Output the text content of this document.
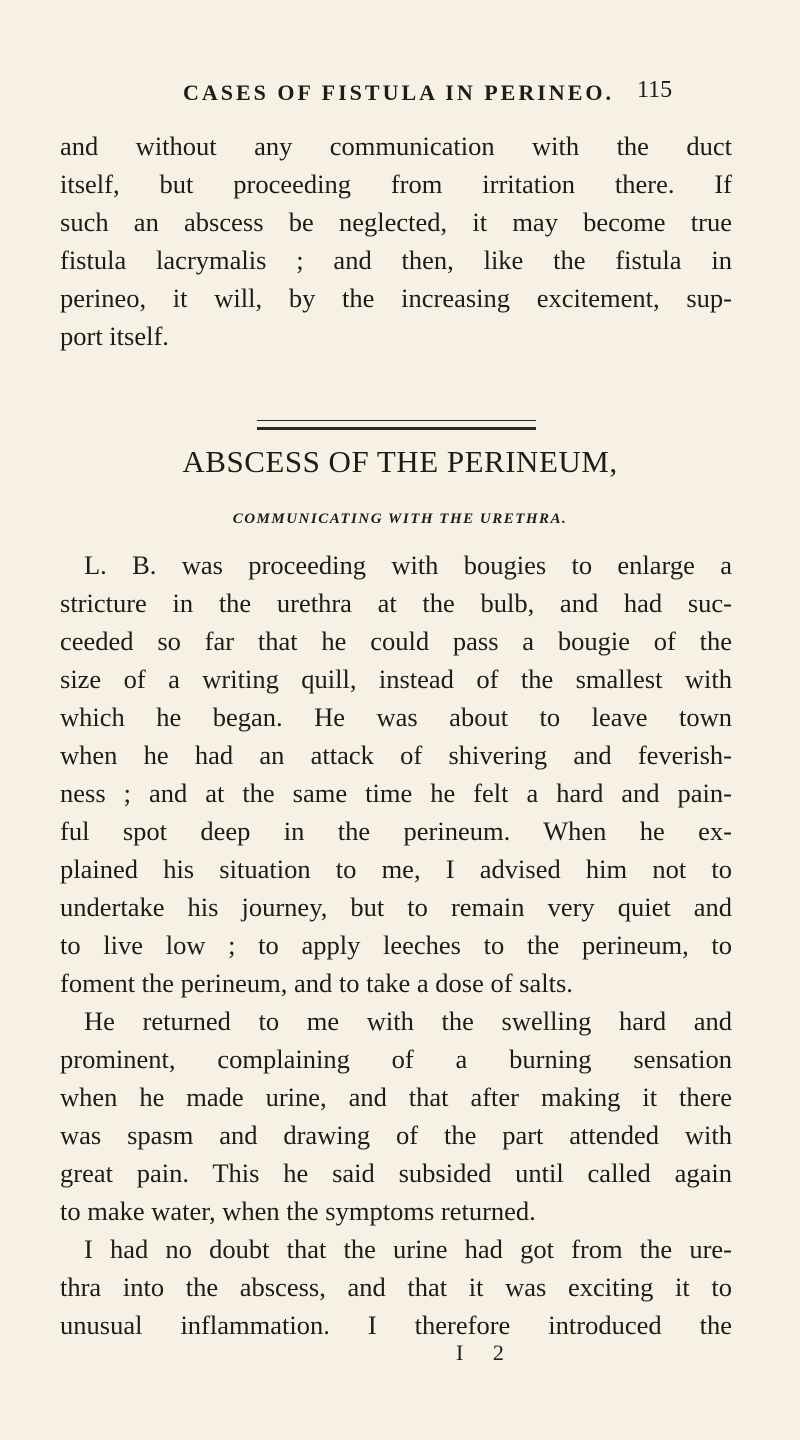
CASES OF FISTULA IN PERINEO. 115
and without any communication with the duct
itself, but proceeding from irritation there. If
such an abscess be neglected, it may become true
fistula lacrymalis ; and then, like the fistula in
perineo, it will, by the increasing excitement, sup-
port itself.
ABSCESS OF THE PERINEUM,
COMMUNICATING WITH THE URETHRA.
L. B. was proceeding with bougies to enlarge a
stricture in the urethra at the bulb, and had suc-
ceeded so far that he could pass a bougie of the
size of a writing quill, instead of the smallest with
which he began. He was about to leave town
when he had an attack of shivering and feverish-
ness ; and at the same time he felt a hard and pain-
ful spot deep in the perineum. When he ex-
plained his situation to me, I advised him not to
undertake his journey, but to remain very quiet and
to live low ; to apply leeches to the perineum, to
foment the perineum, and to take a dose of salts.
He returned to me with the swelling hard and
prominent, complaining of a burning sensation
when he made urine, and that after making it there
was spasm and drawing of the part attended with
great pain. This he said subsided until called again
to make water, when the symptoms returned.
I had no doubt that the urine had got from the ure-
thra into the abscess, and that it was exciting it to
unusual inflammation. I therefore introduced the
I 2
